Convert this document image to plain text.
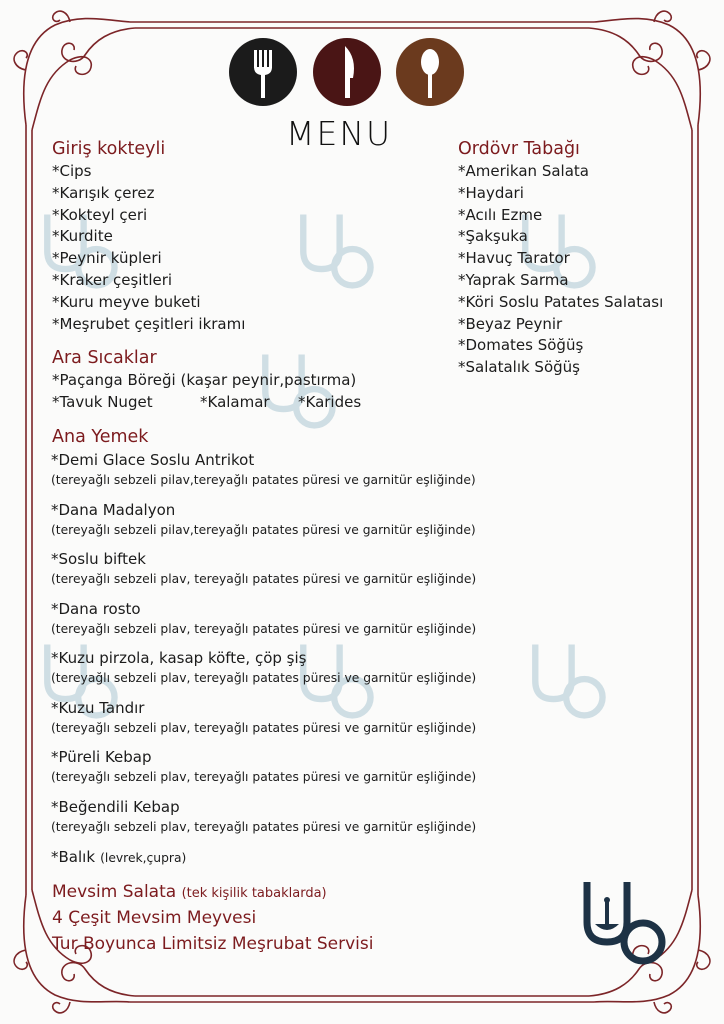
MENU
Giriş kokteyli
*Cips
*Karışık çerez
*Kokteyl çeri
*Kurdite
*Peynir küpleri
*Kraker çeşitleri
*Kuru meyve buketi
*Meşrubet çeşitleri ikramı
Ordövr Tabağı
*Amerikan Salata
*Haydari
*Acılı Ezme
*Şakşuka
*Havuç Tarator
*Yaprak Sarma
*Köri Soslu Patates Salatası
*Beyaz Peynir
*Domates Söğüş
*Salatalık Söğüş
Ara Sıcaklar
*Paçanga Böreği (kaşar peynir,pastırma)
*Tavuk Nuget	*Kalamar *Karides
Ana Yemek
*Demi Glace Soslu Antrikot
(tereyağlı sebzeli pilav,tereyağlı patates püresi ve garnitür eşliğinde)
*Dana Madalyon
(tereyağlı sebzeli pilav,tereyağlı patates püresi ve garnitür eşliğinde)
*Soslu biftek
(tereyağlı sebzeli plav, tereyağlı patates püresi ve garnitür eşliğinde)
*Dana rosto
(tereyağlı sebzeli plav, tereyağlı patates püresi ve garnitür eşliğinde)
*Kuzu pirzola, kasap köfte, çöp şiş
(tereyağlı sebzeli plav, tereyağlı patates püresi ve garnitür eşliğinde)
*Kuzu Tandır
(tereyağlı sebzeli plav, tereyağlı patates püresi ve garnitür eşliğinde)
*Püreli Kebap
(tereyağlı sebzeli plav, tereyağlı patates püresi ve garnitür eşliğinde)
*Beğendili Kebap
(tereyağlı sebzeli plav, tereyağlı patates püresi ve garnitür eşliğinde)
*Balık (levrek,çupra)
Mevsim Salata (tek kişilik tabaklarda)
4 Çeşit Mevsim Meyvesi
Tur Boyunca Limitsiz Meşrubat Servisi
